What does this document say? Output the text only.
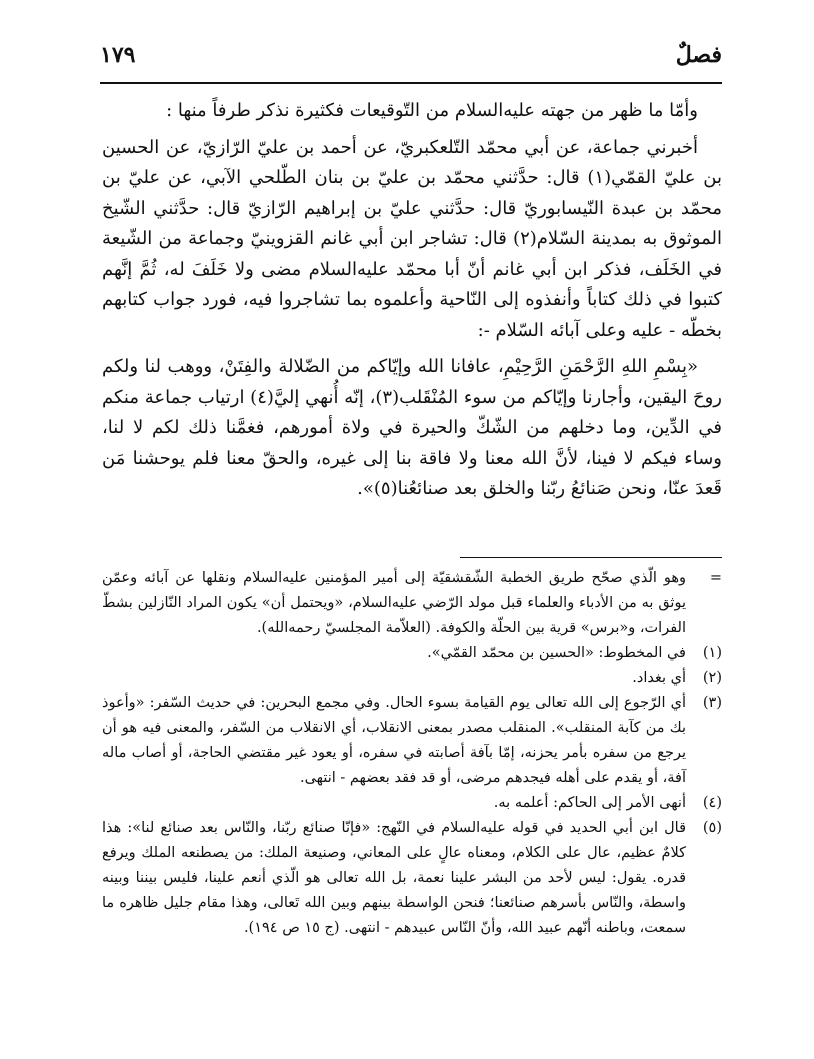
فصلٌ
١٧٩

وأمّا ما ظهر من جهته عليه‌السلام من التّوقيعات فكثيرة نذكر طرفاً منها :

أخبرني جماعة، عن أبي محمّد التّلعكبريّ، عن أحمد بن عليّ الرّازيّ، عن الحسين بن عليّ القمّي(١) قال: حدَّثني محمّد بن عليّ بن بنان الطّلحي الآبي، عن عليّ بن محمّد بن عبدة النّيسابوريّ قال: حدَّثني عليّ بن إبراهيم الرّازيّ قال: حدَّثني الشّيخ الموثوق به بمدينة السّلام(٢) قال: تشاجر ابن أبي غانم القزوينيّ وجماعة من الشّيعة في الخَلَف، فذكر ابن أبي غانم أنّ أبا محمّد عليه‌السلام مضى ولا خَلَفَ له، ثُمَّ إنَّهم كتبوا في ذلك كتاباً وأنفذوه إلى النّاحية وأعلموه بما تشاجروا فيه، فورد جواب كتابهم بخطّه - عليه وعلى آبائه السّلام -:

«بِسْمِ اللهِ الرَّحْمَنِ الرَّحِيْمِ، عافانا الله وإيّاكم من الضّلالة والفِتَنْ، ووهب لنا ولكم روحَ اليقين، وأجارنا وإيّاكم من سوء المُنْقَلب(٣)، إنّه أُنهي إليَّ(٤) ارتياب جماعة منكم في الدِّين، وما دخلهم من الشّكّ والحيرة في ولاة أمورهم، فغمَّنا ذلك لكم لا لنا، وساء فيكم لا فينا، لأنَّ الله معنا ولا فاقة بنا إلى غيره، والحقّ معنا فلم يوحشنا مَن قَعدَ عنّا، ونحن صَنائعُ ربّنا والخلق بعد صنائعُنا(٥)».

=
وهو الّذي صحّح طريق الخطبة الشّقشقيّة إلى أمير المؤمنين عليه‌السلام ونقلها عن آبائه وعمّن يوثق به من الأدباء والعلماء قبل مولد الرّضي عليه‌السلام، «ويحتمل أن» يكون المراد النّازلين بشطّ الفرات، و«برس» قرية بين الحلّة والكوفة. (العلاّمة المجلسيّ رحمه‌الله).
(١)
في المخطوط: «الحسين بن محمّد القمّي».
(٢)
أي بغداد.
(٣)
أي الرّجوع إلى الله تعالى يوم القيامة بسوء الحال. وفي مجمع البحرين: في حديث السّفر: «وأعوذ بك من كآبة المنقلب». المنقلب مصدر بمعنى الانقلاب، أي الانقلاب من السّفر، والمعنى فيه هو أن يرجع من سفره بأمر يحزنه، إمّا بآفة أصابته في سفره، أو يعود غير مقتضي الحاجة، أو أصاب ماله آفة، أو يقدم على أهله فيجدهم مرضى، أو قد فقد بعضهم - انتهى.
(٤)
أنهى الأمر إلى الحاكم: أعلمه به.
(٥)
قال ابن أبي الحديد في قوله عليه‌السلام في النّهج: «فإنّا صنائع ربّنا، والنّاس بعد صنائع لنا»: هذا كلامٌ عظيم، عال على الكلام، ومعناه عالٍ على المعاني، وصنيعة الملك: من يصطنعه الملك ويرفع قدره. يقول: ليس لأحد من البشر علينا نعمة، بل الله تعالى هو الّذي أنعم علينا، فليس بيننا وبينه واسطة، والنّاس بأسرهم صنائعنا؛ فنحن الواسطة بينهم وبين الله تَعالى، وهذا مقام جليل ظاهره ما سمعت، وباطنه أنّهم عبيد الله، وأنّ النّاس عبيدهم - انتهى. (ج ١٥ ص ١٩٤).
